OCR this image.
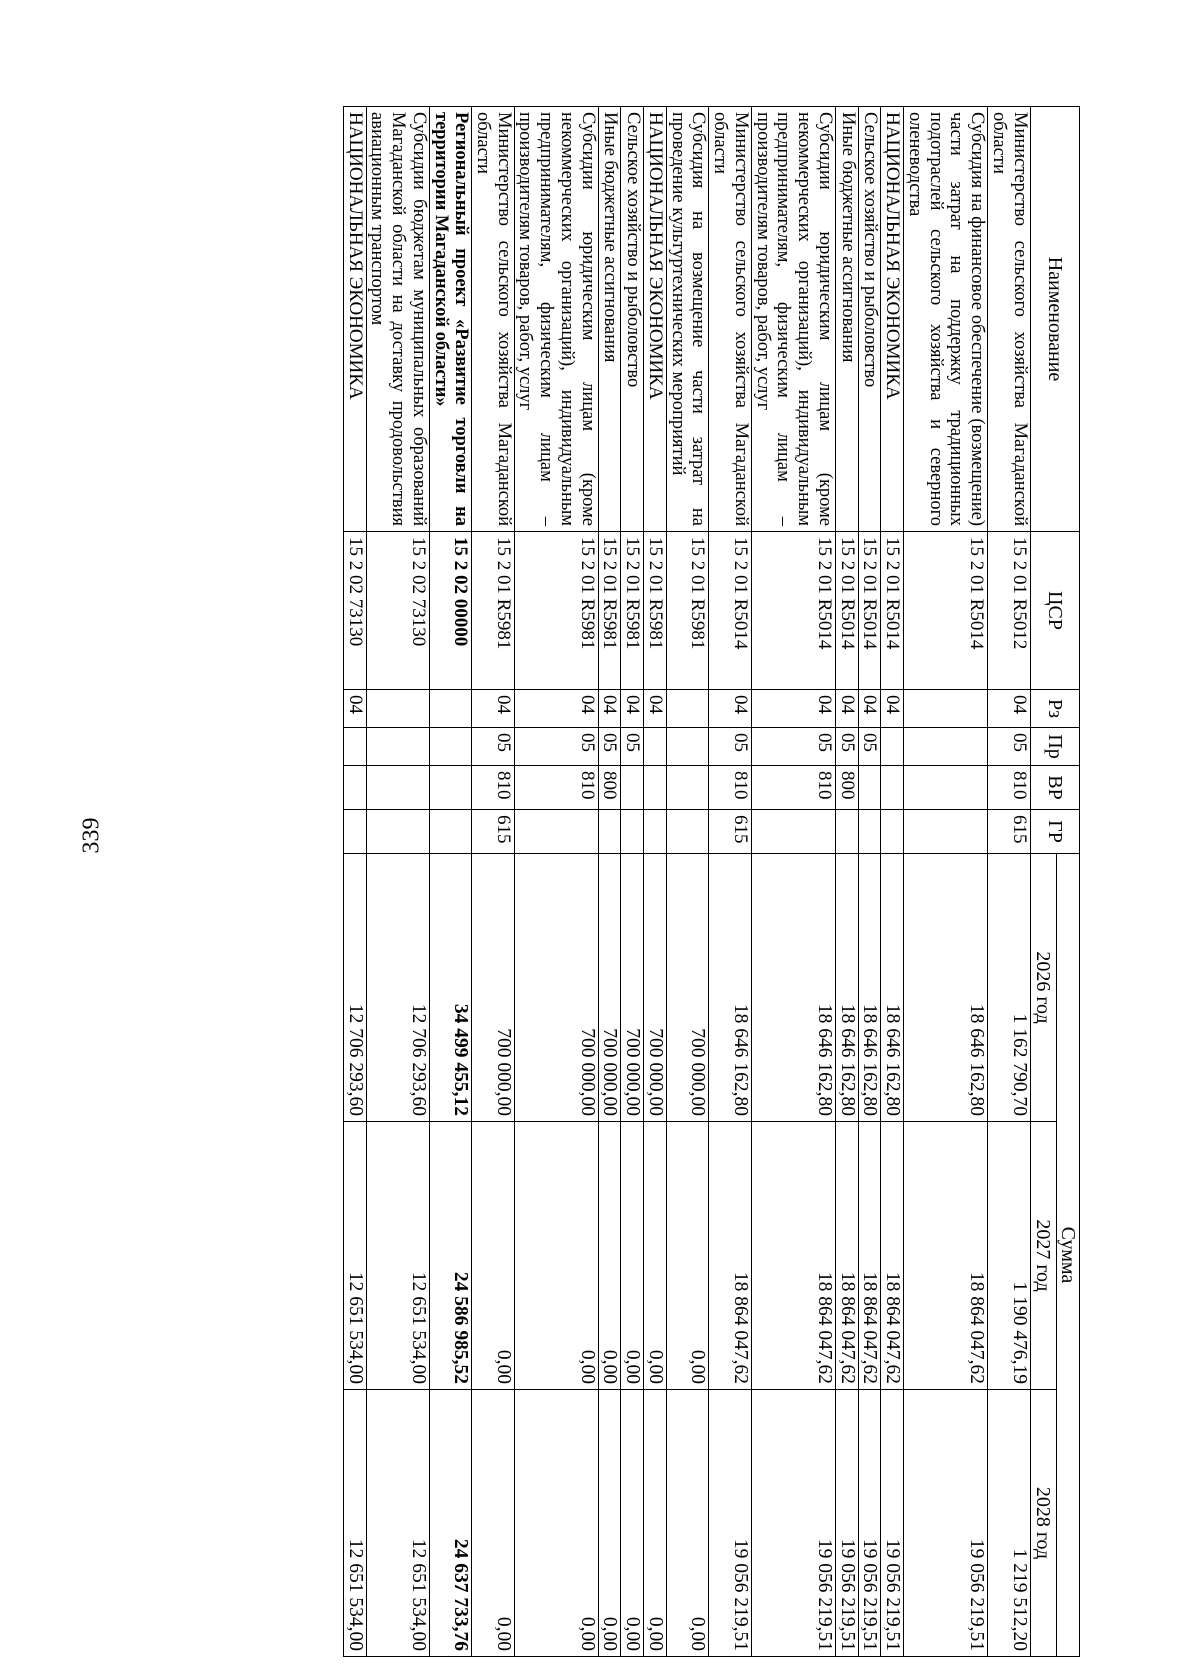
339
Наименование	ЦСР	Рз	Пр	ВР	ГР	Сумма		
						2026 год	2027 год	2028 год
Министерство сельского хозяйства Магаданской области	15 2 01 R5012	04	05	810	615	1 162 790,70	1 190 476,19	1 219 512,20
Субсидия на финансовое обеспечение (возмещение) части затрат на поддержку традиционных подотраслей сельского хозяйства и северного оленеводства	15 2 01 R5014					18 646 162,80	18 864 047,62	19 056 219,51
НАЦИОНАЛЬНАЯ ЭКОНОМИКА	15 2 01 R5014	04				18 646 162,80	18 864 047,62	19 056 219,51
Сельское хозяйство и рыболовство	15 2 01 R5014	04	05			18 646 162,80	18 864 047,62	19 056 219,51
Иные бюджетные ассигнования	15 2 01 R5014	04	05	800		18 646 162,80	18 864 047,62	19 056 219,51
Субсидии юридическим лицам (кроме некоммерческих организаций), индивидуальным предпринимателям, физическим лицам – производителям товаров, работ, услуг	15 2 01 R5014	04	05	810		18 646 162,80	18 864 047,62	19 056 219,51
Министерство сельского хозяйства Магаданской области	15 2 01 R5014	04	05	810	615	18 646 162,80	18 864 047,62	19 056 219,51
Субсидия на возмещение части затрат на проведение культуртехнических мероприятий	15 2 01 R5981					700 000,00	0,00	0,00
НАЦИОНАЛЬНАЯ ЭКОНОМИКА	15 2 01 R5981	04				700 000,00	0,00	0,00
Сельское хозяйство и рыболовство	15 2 01 R5981	04	05			700 000,00	0,00	0,00
Иные бюджетные ассигнования	15 2 01 R5981	04	05	800		700 000,00	0,00	0,00
Субсидии юридическим лицам (кроме некоммерческих организаций), индивидуальным предпринимателям, физическим лицам – производителям товаров, работ, услуг	15 2 01 R5981	04	05	810		700 000,00	0,00	0,00
Министерство сельского хозяйства Магаданской области	15 2 01 R5981	04	05	810	615	700 000,00	0,00	0,00
Региональный проект «Развитие торговли на территории Магаданской области»	15 2 02 00000					34 499 455,12	24 586 985,52	24 637 733,76
Субсидии бюджетам муниципальных образований Магаданской области на доставку продовольствия авиационным транспортом	15 2 02 73130					12 706 293,60	12 651 534,00	12 651 534,00
НАЦИОНАЛЬНАЯ ЭКОНОМИКА	15 2 02 73130	04				12 706 293,60	12 651 534,00	12 651 534,00
